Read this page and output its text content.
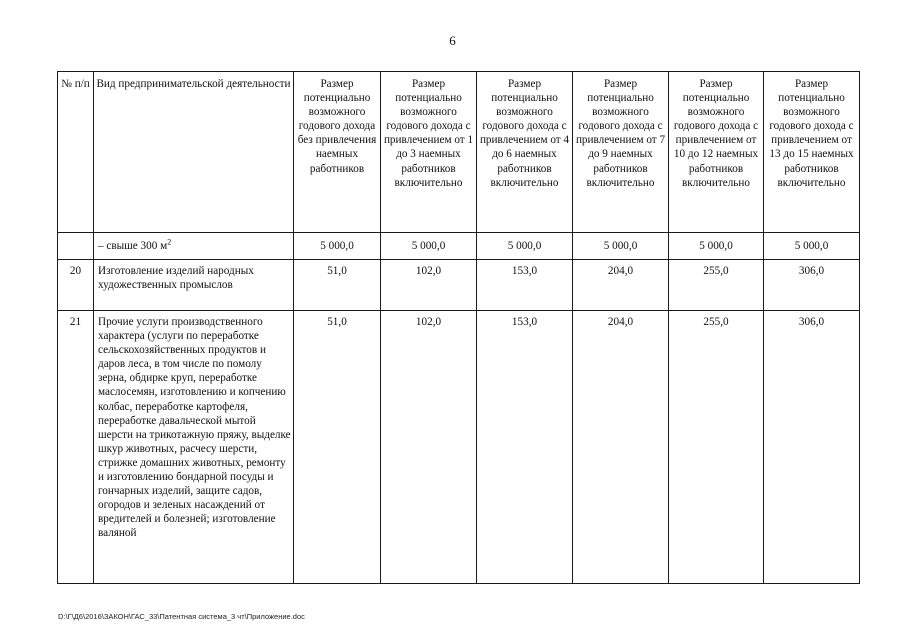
6
№ п/п	Вид предпринимательской деятельности	Размер потенциально возможного годового дохода без привлечения наемных работников	Размер потенциально возможного годового дохода с привлечением от 1 до 3 наемных работников включительно	Размер потенциально возможного годового дохода с привлечением от 4 до 6 наемных работников включительно	Размер потенциально возможного годового дохода с привлечением от 7 до 9 наемных работников включительно	Размер потенциально возможного годового дохода с привлечением от 10 до 12 наемных работников включительно	Размер потенциально возможного годового дохода с привлечением от 13 до 15 наемных работников включительно
	– свыше 300 $м^2$	5 000,0	5 000,0	5 000,0	5 000,0	5 000,0	5 000,0
20	Изготовление изделий народных художественных промыслов	51,0	102,0	153,0	204,0	255,0	306,0
21	Прочие услуги производственного характера (услуги по переработке сельскохозяйственных продуктов и даров леса, в том числе по помолу зерна, обдирке круп, переработке маслосемян, изготовлению и копчению колбас, переработке картофеля, переработке давальческой мытой шерсти на трикотажную пряжу, выделке шкур животных, расчесу шерсти, стрижке домашних животных, ремонту и изготовлению бондарной посуды и гончарных изделий, защите садов, огородов и зеленых насаждений от вредителей и болезней; изготовление валяной	51,0	102,0	153,0	204,0	255,0	306,0
D:\Г\Д6\2016\ЗАКОН\ГАС_33\Патентная система_3 чт\Приложение.doc
